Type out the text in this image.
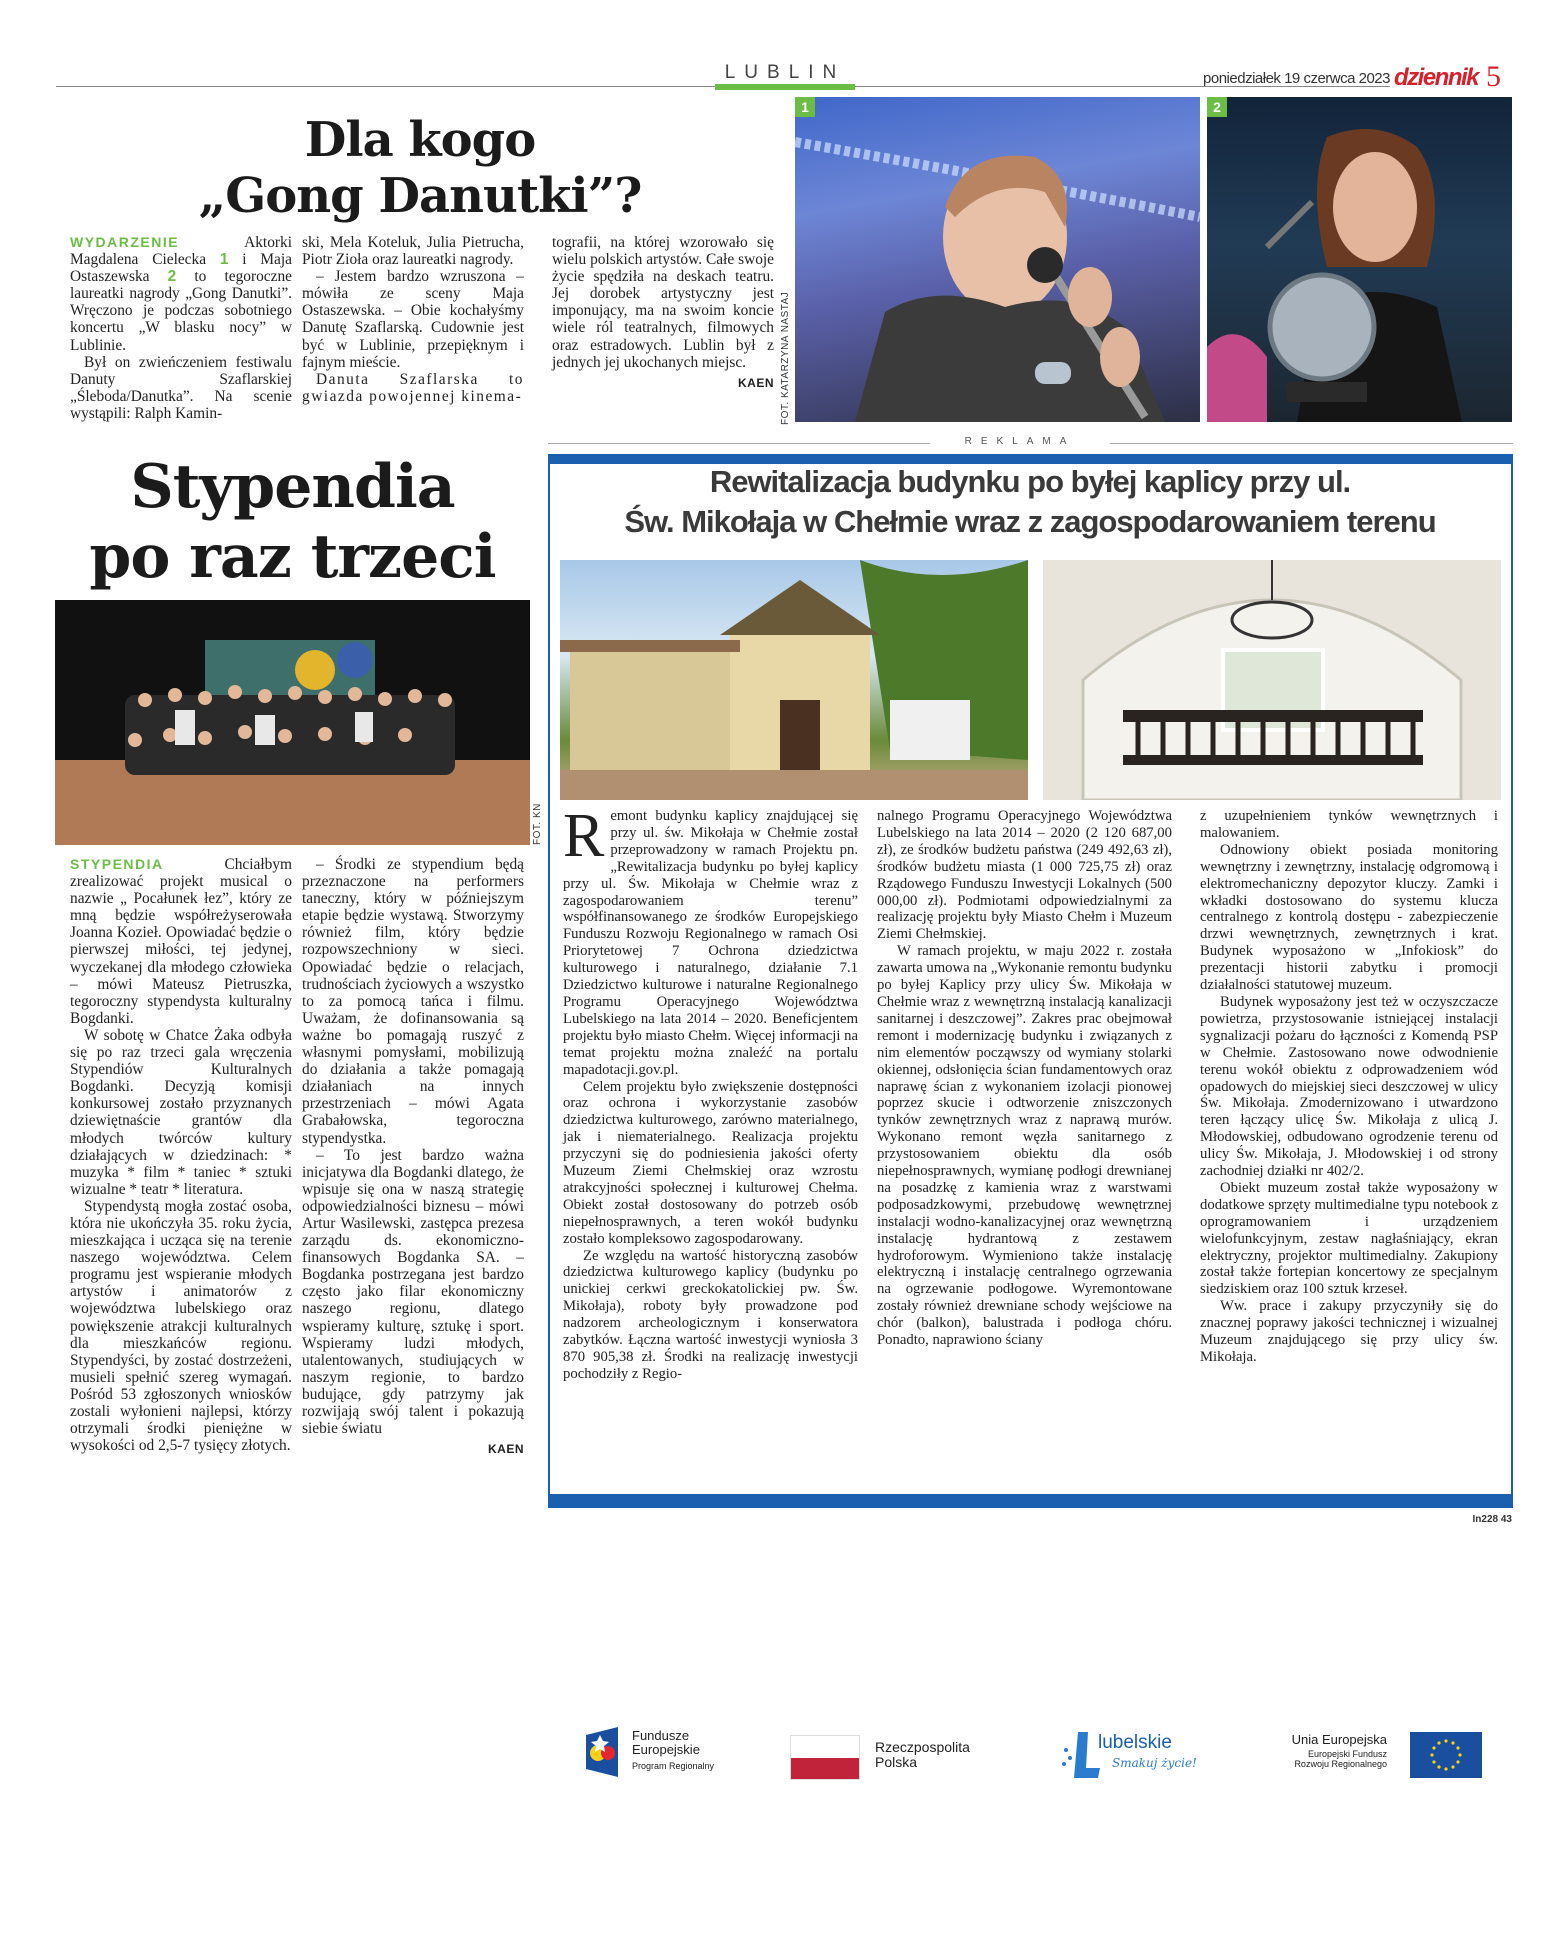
LUBLIN	poniedziałek 19 czerwca 2023 dziennik 5
Dla kogo
„Gong Danutki”?

WYDARZENIE Aktorki Magdalena Cielecka 1 i Maja Ostaszewska 2 to tegoroczne laureatki nagrody „Gong Danutki”. Wręczono je podczas sobotniego koncertu „W blasku nocy” w Lublinie.

Był on zwieńczeniem festiwalu Danuty Szaflarskiej „Śleboda/Danutka”. Na scenie wystąpili: Ralph Kamin-

ski, Mela Koteluk, Julia Pietrucha, Piotr Zioła oraz laureatki nagrody.

– Jestem bardzo wzruszona – mówiła ze sceny Maja Ostaszewska. – Obie kochałyśmy Danutę Szaflarską. Cudownie jest być w Lublinie, przepięknym i fajnym mieście.

Danuta Szaflarska to gwiazda powojennej kinema-

tografii, na której wzorowało się wielu polskich artystów. Całe swoje życie spędziła na deskach teatru. Jej dorobek artystyczny jest imponujący, ma na swoim koncie wiele ról teatralnych, filmowych oraz estradowych. Lublin był z jednych jej ukochanych miejsc.

KAEN FOT. KATARZYNA NASTAJ
1	2
REKLAMA
Stypendia
po raz trzeci
FOT. KN

STYPENDIA Chciałbym zrealizować projekt musical o nazwie „ Pocałunek łez”, który ze mną będzie współreżyserowała Joanna Kozieł. Opowiadać będzie o pierwszej miłości, tej jedynej, wyczekanej dla młodego człowieka – mówi Mateusz Pietruszka, tegoroczny stypendysta kulturalny Bogdanki.

W sobotę w Chatce Żaka odbyła się po raz trzeci gala wręczenia Stypendiów Kulturalnych Bogdanki. Decyzją komisji konkursowej zostało przyznanych dziewiętnaście grantów dla młodych twórców kultury działających w dziedzinach: * muzyka * film * taniec * sztuki wizualne * teatr * literatura.

Stypendystą mogła zostać osoba, która nie ukończyła 35. roku życia, mieszkająca i ucząca się na terenie naszego województwa. Celem programu jest wspieranie młodych artystów i animatorów z województwa lubelskiego oraz powiększenie atrakcji kulturalnych dla mieszkańców regionu. Stypendyści, by zostać dostrzeżeni, musieli spełnić szereg wymagań. Pośród 53 zgłoszonych wniosków zostali wyłonieni najlepsi, którzy otrzymali środki pieniężne w wysokości od 2,5-7 tysięcy złotych.

– Środki ze stypendium będą przeznaczone na performers taneczny, który w późniejszym etapie będzie wystawą. Stworzymy również film, który będzie rozpowszechniony w sieci. Opowiadać będzie o relacjach, trudnościach życiowych a wszystko to za pomocą tańca i filmu. Uważam, że dofinansowania są ważne bo pomagają ruszyć z własnymi pomysłami, mobilizują do działania a także pomagają działaniach na innych przestrzeniach – mówi Agata Grabałowska, tegoroczna stypendystka.

– To jest bardzo ważna inicjatywa dla Bogdanki dlatego, że wpisuje się ona w naszą strategię odpowiedzialności biznesu – mówi Artur Wasilewski, zastępca prezesa zarządu ds. ekonomiczno-finansowych Bogdanka SA. – Bogdanka postrzegana jest bardzo często jako filar ekonomiczny naszego regionu, dlatego wspieramy kulturę, sztukę i sport. Wspieramy ludzi młodych, utalentowanych, studiujących w naszym regionie, to bardzo budujące, gdy patrzymy jak rozwijają swój talent i pokazują siebie światu

KAEN
Rewitalizacja budynku po byłej kaplicy przy ul.
Św. Mikołaja w Chełmie wraz z zagospodarowaniem terenu

Remont budynku kaplicy znajdującej się przy ul. św. Mikołaja w Chełmie został przeprowadzony w ramach Projektu pn. „Rewitalizacja budynku po byłej kaplicy przy ul. Św. Mikołaja w Chełmie wraz z zagospodarowaniem terenu” współfinansowanego ze środków Europejskiego Funduszu Rozwoju Regionalnego w ramach Osi Priorytetowej 7 Ochrona dziedzictwa kulturowego i naturalnego, działanie 7.1 Dziedzictwo kulturowe i naturalne Regionalnego Programu Operacyjnego Województwa Lubelskiego na lata 2014 – 2020. Beneficjentem projektu było miasto Chełm. Więcej informacji na temat projektu można znaleźć na portalu mapadotacji.gov.pl.

Celem projektu było zwiększenie dostępności oraz ochrona i wykorzystanie zasobów dziedzictwa kulturowego, zarówno materialnego, jak i niematerialnego. Realizacja projektu przyczyni się do podniesienia jakości oferty Muzeum Ziemi Chełmskiej oraz wzrostu atrakcyjności społecznej i kulturowej Chełma. Obiekt został dostosowany do potrzeb osób niepełnosprawnych, a teren wokół budynku zostało kompleksowo zagospodarowany.

Ze względu na wartość historyczną zasobów dziedzictwa kulturowego kaplicy (budynku po unickiej cerkwi greckokatolickiej pw. Św. Mikołaja), roboty były prowadzone pod nadzorem archeologicznym i konserwatora zabytków. Łączna wartość inwestycji wyniosła 3 870 905,38 zł. Środki na realizację inwestycji pochodziły z Regio-

nalnego Programu Operacyjnego Województwa Lubelskiego na lata 2014 – 2020 (2 120 687,00 zł), ze środków budżetu państwa (249 492,63 zł), środków budżetu miasta (1 000 725,75 zł) oraz Rządowego Funduszu Inwestycji Lokalnych (500 000,00 zł). Podmiotami odpowiedzialnymi za realizację projektu były Miasto Chełm i Muzeum Ziemi Chełmskiej.

W ramach projektu, w maju 2022 r. została zawarta umowa na „Wykonanie remontu budynku po byłej Kaplicy przy ulicy Św. Mikołaja w Chełmie wraz z wewnętrzną instalacją kanalizacji sanitarnej i deszczowej”. Zakres prac obejmował remont i modernizację budynku i związanych z nim elementów począwszy od wymiany stolarki okiennej, odsłonięcia ścian fundamentowych oraz naprawę ścian z wykonaniem izolacji pionowej poprzez skucie i odtworzenie zniszczonych tynków zewnętrznych wraz z naprawą murów. Wykonano remont węzła sanitarnego z przystosowaniem obiektu dla osób niepełnosprawnych, wymianę podłogi drewnianej na posadzkę z kamienia wraz z warstwami podposadzkowymi, przebudowę wewnętrznej instalacji wodno-kanalizacyjnej oraz wewnętrzną instalację hydrantową z zestawem hydroforowym. Wymieniono także instalację elektryczną i instalację centralnego ogrzewania na ogrzewanie podłogowe. Wyremontowane zostały również drewniane schody wejściowe na chór (balkon), balustrada i podłoga chóru. Ponadto, naprawiono ściany

z uzupełnieniem tynków wewnętrznych i malowaniem.

Odnowiony obiekt posiada monitoring wewnętrzny i zewnętrzny, instalację odgromową i elektromechaniczny depozytor kluczy. Zamki i wkładki dostosowano do systemu klucza centralnego z kontrolą dostępu - zabezpieczenie drzwi wewnętrznych, zewnętrznych i krat. Budynek wyposażono w „Infokiosk” do prezentacji historii zabytku i promocji działalności statutowej muzeum.

Budynek wyposażony jest też w oczyszczacze powietrza, przystosowanie istniejącej instalacji sygnalizacji pożaru do łączności z Komendą PSP w Chełmie. Zastosowano nowe odwodnienie terenu wokół obiektu z odprowadzeniem wód opadowych do miejskiej sieci deszczowej w ulicy Św. Mikołaja. Zmodernizowano i utwardzono teren łączący ulicę Św. Mikołaja z ulicą J. Młodowskiej, odbudowano ogrodzenie terenu od ulicy Św. Mikołaja, J. Młodowskiej i od strony zachodniej działki nr 402/2.

Obiekt muzeum został także wyposażony w dodatkowe sprzęty multimedialne typu notebook z oprogramowaniem i urządzeniem wielofunkcyjnym, zestaw nagłaśniający, ekran elektryczny, projektor multimedialny. Zakupiony został także fortepian koncertowy ze specjalnym siedziskiem oraz 100 sztuk krzeseł.

Ww. prace i zakupy przyczyniły się do znacznej poprawy jakości technicznej i wizualnej Muzeum znajdującego się przy ulicy św. Mikołaja.

Fundusze
Europejskie
Program Regionalny
Rzeczpospolita
Polska
lubelskie
Smakuj życie!
Unia Europejska
Europejski Fundusz
Rozwoju Regionalnego
In228 43
